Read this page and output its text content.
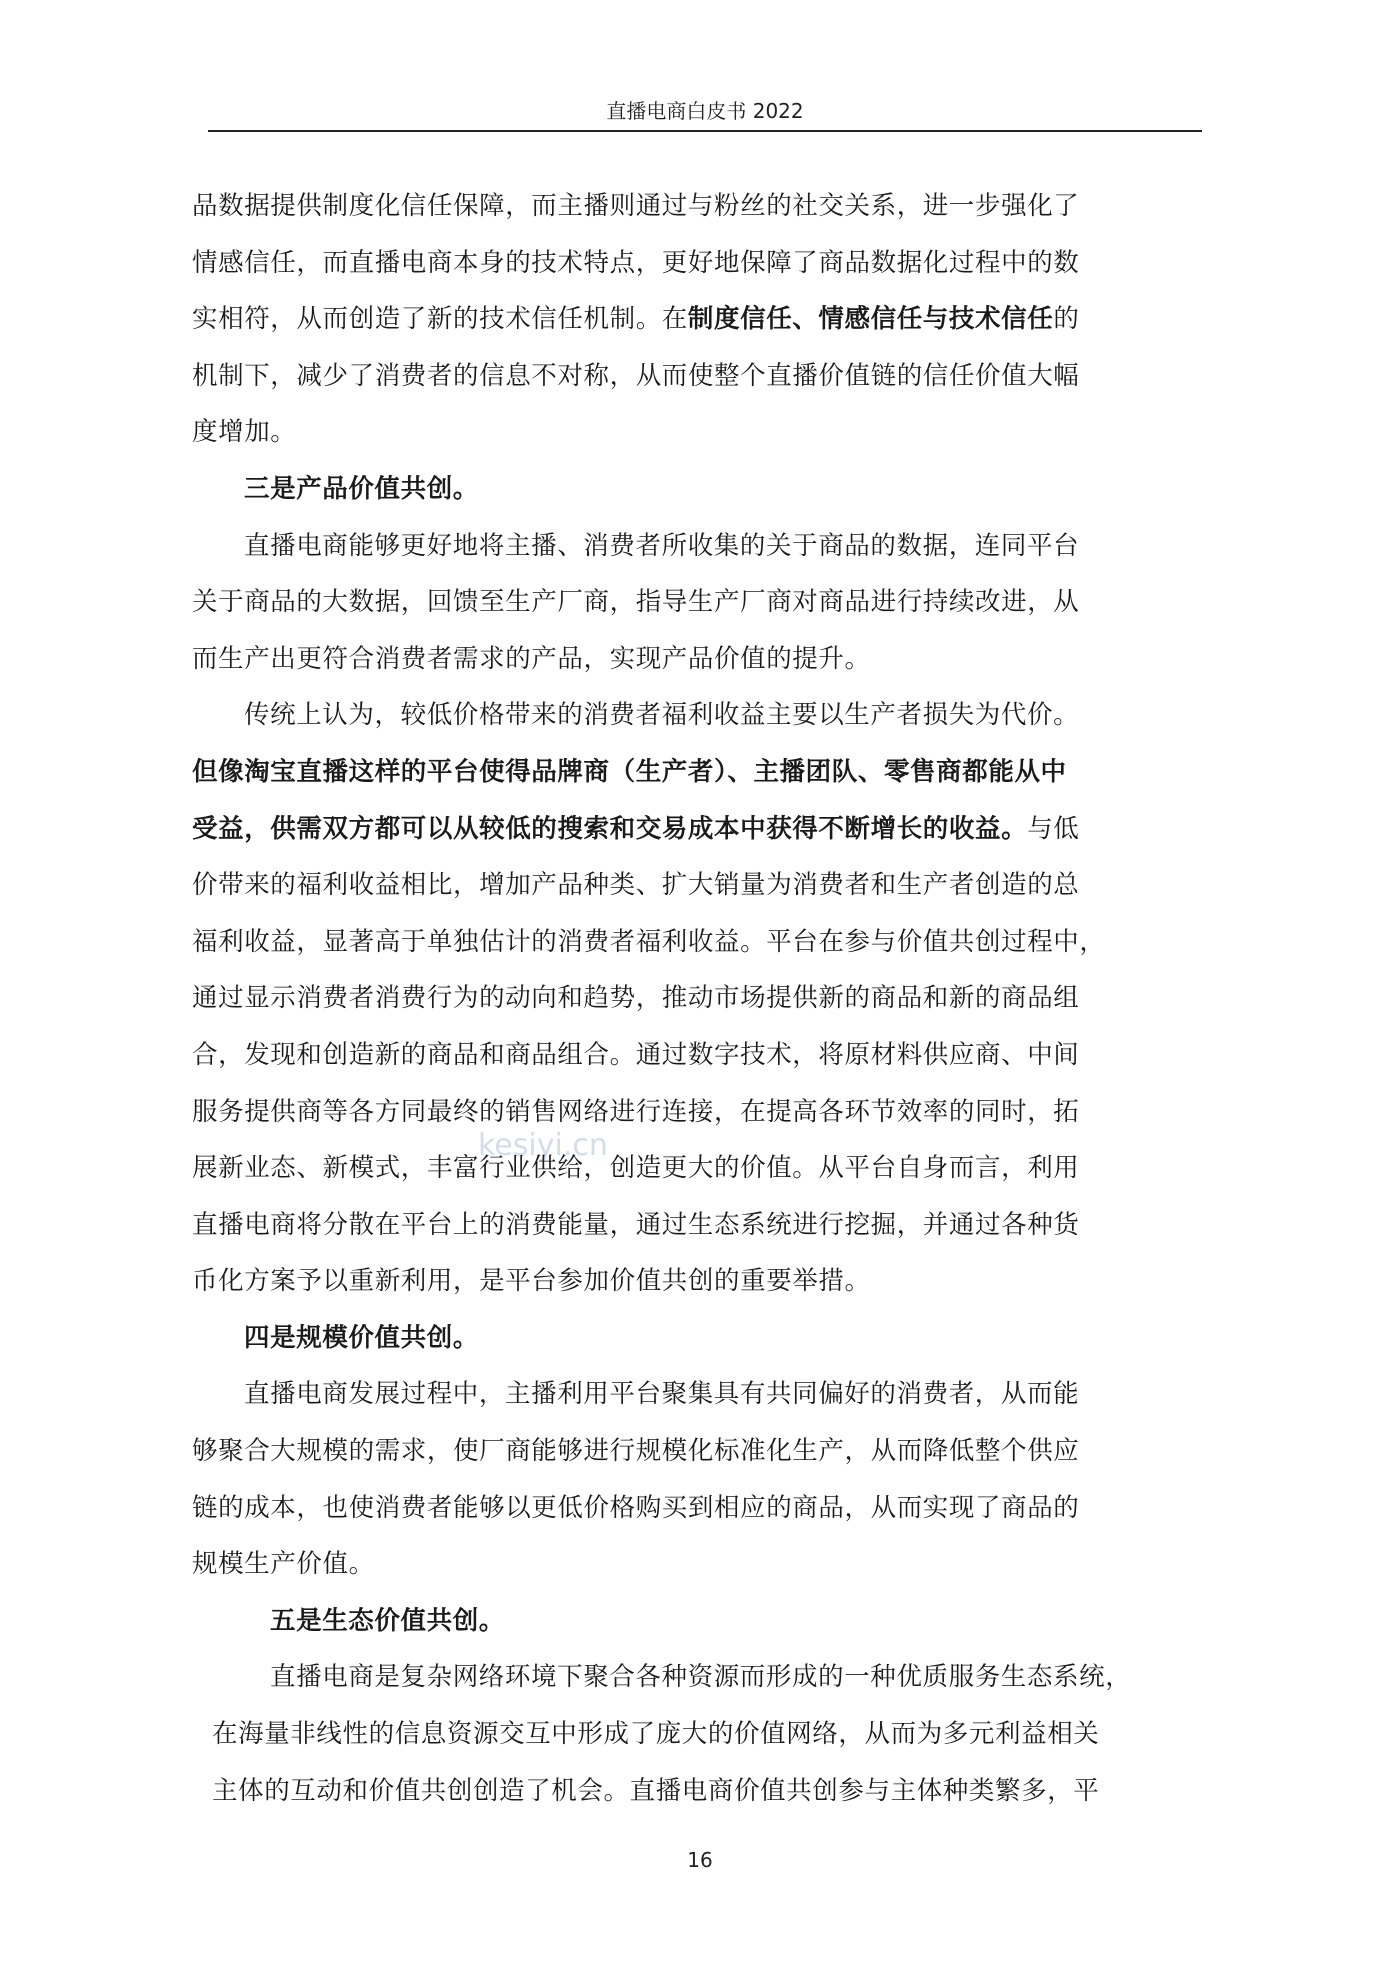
直播电商白皮书 2022
kesiyi.cn
品数据提供制度化信任保障，而主播则通过与粉丝的社交关系，进一步强化了
情感信任，而直播电商本身的技术特点，更好地保障了商品数据化过程中的数
实相符，从而创造了新的技术信任机制。在制度信任、情感信任与技术信任的
机制下，减少了消费者的信息不对称，从而使整个直播价值链的信任价值大幅
度增加。
三是产品价值共创。
直播电商能够更好地将主播、消费者所收集的关于商品的数据，连同平台
关于商品的大数据，回馈至生产厂商，指导生产厂商对商品进行持续改进，从
而生产出更符合消费者需求的产品，实现产品价值的提升。
传统上认为，较低价格带来的消费者福利收益主要以生产者损失为代价。
但像淘宝直播这样的平台使得品牌商（生产者）、主播团队、零售商都能从中
受益，供需双方都可以从较低的搜索和交易成本中获得不断增长的收益。与低
价带来的福利收益相比，增加产品种类、扩大销量为消费者和生产者创造的总
福利收益，显著高于单独估计的消费者福利收益。平台在参与价值共创过程中，
通过显示消费者消费行为的动向和趋势，推动市场提供新的商品和新的商品组
合，发现和创造新的商品和商品组合。通过数字技术，将原材料供应商、中间
服务提供商等各方同最终的销售网络进行连接，在提高各环节效率的同时，拓
展新业态、新模式，丰富行业供给，创造更大的价值。从平台自身而言，利用
直播电商将分散在平台上的消费能量，通过生态系统进行挖掘，并通过各种货
币化方案予以重新利用，是平台参加价值共创的重要举措。
四是规模价值共创。
直播电商发展过程中，主播利用平台聚集具有共同偏好的消费者，从而能
够聚合大规模的需求，使厂商能够进行规模化标准化生产，从而降低整个供应
链的成本，也使消费者能够以更低价格购买到相应的商品，从而实现了商品的
规模生产价值。
五是生态价值共创。
直播电商是复杂网络环境下聚合各种资源而形成的一种优质服务生态系统，
在海量非线性的信息资源交互中形成了庞大的价值网络，从而为多元利益相关
主体的互动和价值共创创造了机会。直播电商价值共创参与主体种类繁多，平
16
